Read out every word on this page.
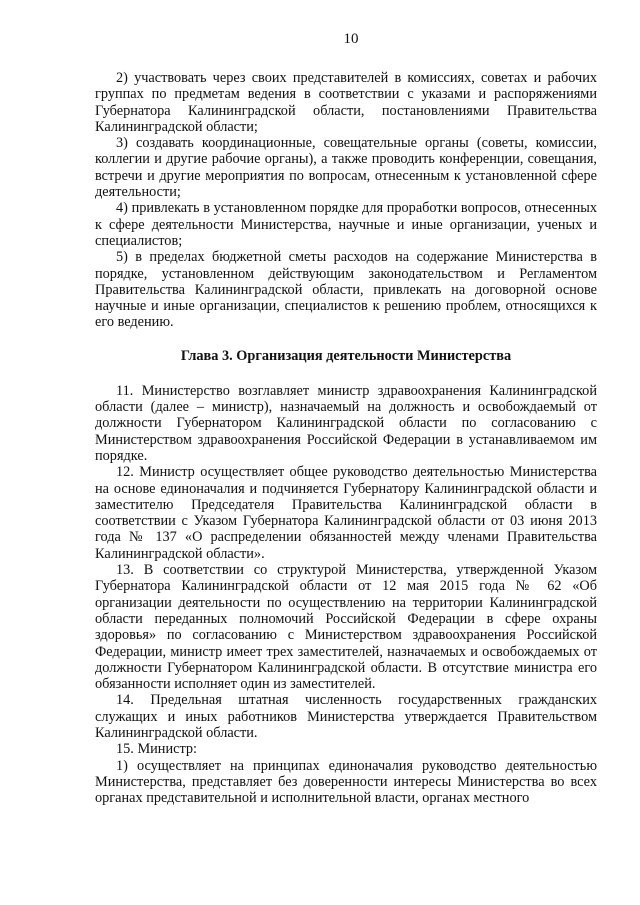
10

2) участвовать через своих представителей в комиссиях, советах и рабочих группах по предметам ведения в соответствии с указами и распоряжениями Губернатора Калининградской области, постановлениями Правительства Калининградской области;

3) создавать координационные, совещательные органы (советы, комиссии, коллегии и другие рабочие органы), а также проводить конференции, совещания, встречи и другие мероприятия по вопросам, отнесенным к установленной сфере деятельности;

4) привлекать в установленном порядке для проработки вопросов, отнесенных к сфере деятельности Министерства, научные и иные организации, ученых и специалистов;

5) в пределах бюджетной сметы расходов на содержание Министерства в порядке, установленном действующим законодательством и Регламентом Правительства Калининградской области, привлекать на договорной основе научные и иные организации, специалистов к решению проблем, относящихся к его ведению.

Глава 3. Организация деятельности Министерства

11. Министерство возглавляет министр здравоохранения Калининградской области (далее – министр), назначаемый на должность и освобождаемый от должности Губернатором Калининградской области по согласованию с Министерством здравоохранения Российской Федерации в устанавливаемом им порядке.

12. Министр осуществляет общее руководство деятельностью Министерства на основе единоначалия и подчиняется Губернатору Калининградской области и заместителю Председателя Правительства Калининградской области в соответствии с Указом Губернатора Калининградской области от 03 июня 2013 года № 137 «О распределении обязанностей между членами Правительства Калининградской области».

13. В соответствии со структурой Министерства, утвержденной Указом Губернатора Калининградской области от 12 мая 2015 года № 62 «Об организации деятельности по осуществлению на территории Калининградской области переданных полномочий Российской Федерации в сфере охраны здоровья» по согласованию с Министерством здравоохранения Российской Федерации, министр имеет трех заместителей, назначаемых и освобождаемых от должности Губернатором Калининградской области. В отсутствие министра его обязанности исполняет один из заместителей.

14. Предельная штатная численность государственных гражданских служащих и иных работников Министерства утверждается Правительством Калининградской области.

15. Министр:

1) осуществляет на принципах единоначалия руководство деятельностью Министерства, представляет без доверенности интересы Министерства во всех органах представительной и исполнительной власти, органах местного
